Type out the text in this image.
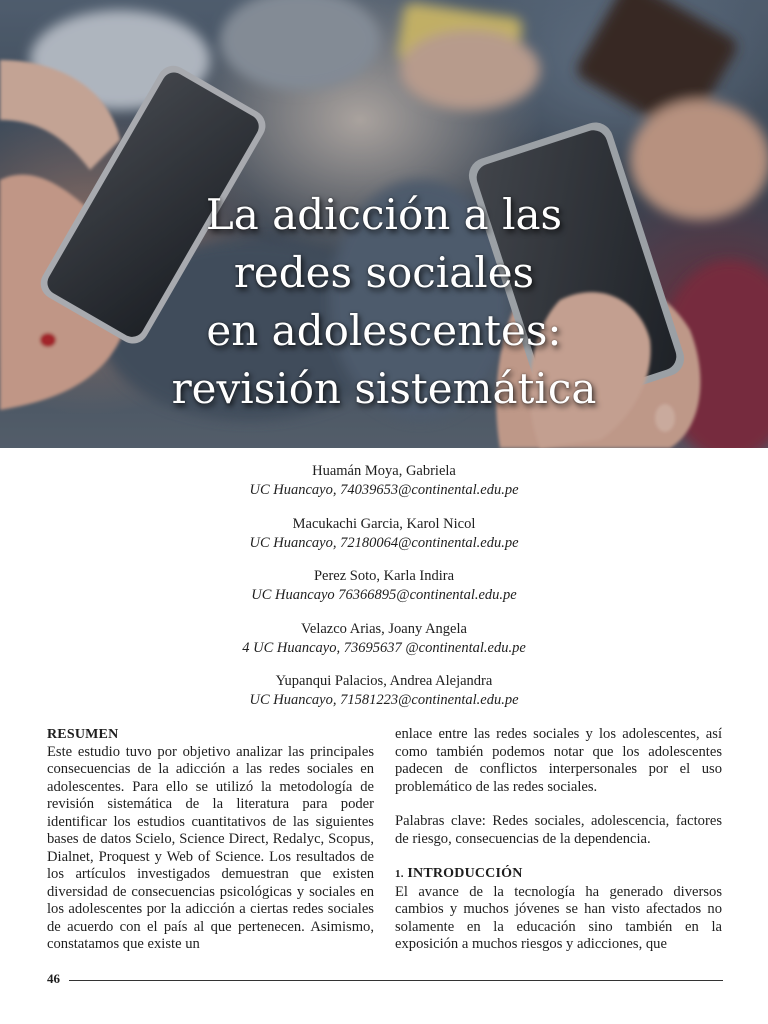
La adicción a las
redes sociales
en adolescentes:
revisión sistemática
Huamán Moya, Gabriela
UC Huancayo, 74039653@continental.edu.pe
Macukachi Garcia, Karol Nicol
UC Huancayo, 72180064@continental.edu.pe
Perez Soto, Karla Indira
UC Huancayo 76366895@continental.edu.pe
Velazco Arias, Joany Angela
4 UC Huancayo, 73695637 @continental.edu.pe
Yupanqui Palacios, Andrea Alejandra
UC Huancayo, 71581223@continental.edu.pe
RESUMEN
Este estudio tuvo por objetivo analizar las principales consecuencias de la adicción a las redes sociales en adolescentes. Para ello se utilizó la metodología de revisión sistemática de la literatura para poder identificar los estudios cuantitativos de las siguientes bases de datos Scielo, Science Direct, Redalyc, Scopus, Dialnet, Proquest y Web of Science. Los resultados de los artículos investigados demuestran que existen diversidad de consecuencias psicológicas y sociales en los adolescentes por la adicción a ciertas redes sociales de acuerdo con el país al que pertenecen. Asimismo, constatamos que existe un
enlace entre las redes sociales y los adolescentes, así como también podemos notar que los adolescentes padecen de conflictos interpersonales por el uso problemático de las redes sociales.
Palabras clave: Redes sociales, adolescencia, factores de riesgo, consecuencias de la dependencia.
1. INTRODUCCIÓN
El avance de la tecnología ha generado diversos cambios y muchos jóvenes se han visto afectados no solamente en la educación sino también en la exposición a muchos riesgos y adicciones, que
46
